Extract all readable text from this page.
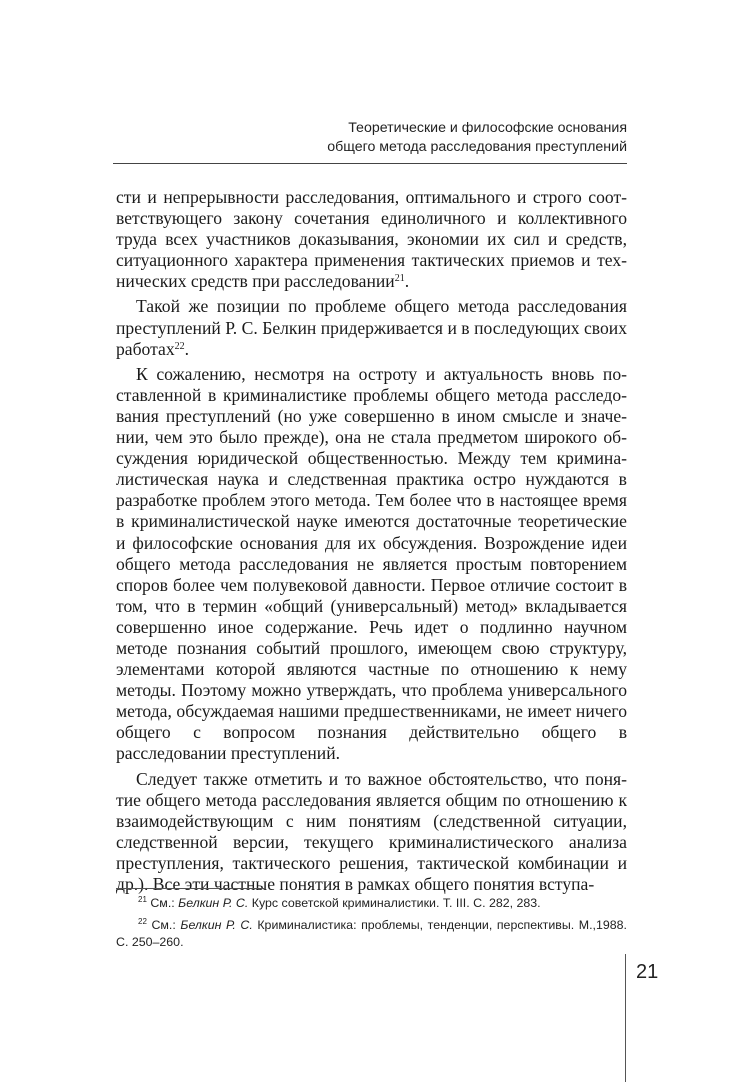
Теоретические и философские основания
общего метода расследования преступлений

сти и непрерывности расследования, оптимального и строго соответствующего закону сочетания единоличного и коллективного труда всех участников доказывания, экономии их сил и средств, ситуационного характера применения тактических приемов и технических средств при расследовании$^{21}$.

Такой же позиции по проблеме общего метода расследования преступлений Р. С. Белкин придерживается и в последующих своих работах$^{22}$.

К сожалению, несмотря на остроту и актуальность вновь поставленной в криминалистике проблемы общего метода расследования преступлений (но уже совершенно в ином смысле и значении, чем это было прежде), она не стала предметом широкого обсуждения юридической общественностью. Между тем криминалистическая наука и следственная практика остро нуждаются в разработке проблем этого метода. Тем более что в настоящее время в криминалистической науке имеются достаточные теоретические и философские основания для их обсуждения. Возрождение идеи общего метода расследования не является простым повторением споров более чем полувековой давности. Первое отличие состоит в том, что в термин «общий (универсальный) метод» вкладывается совершенно иное содержание. Речь идет о подлинно научном методе познания событий прошлого, имеющем свою структуру, элементами которой являются частные по отношению к нему методы. Поэтому можно утверждать, что проблема универсального метода, обсуждаемая нашими предшественниками, не имеет ничего общего с вопросом познания действительно общего в расследовании преступлений.

Следует также отметить и то важное обстоятельство, что понятие общего метода расследования является общим по отношению к взаимодействующим с ним понятиям (следственной ситуации, следственной версии, текущего криминалистического анализа преступления, тактического решения, тактической комбинации и др.). Все эти частные понятия в рамках общего понятия вступа-

$^{21}$ См.: Белкин Р. С. Курс советской криминалистики. Т. III. С. 282, 283.

$^{22}$ См.: Белкин Р. С. Криминалистика: проблемы, тенденции, перспективы. М.,1988. С. 250–260.

21
